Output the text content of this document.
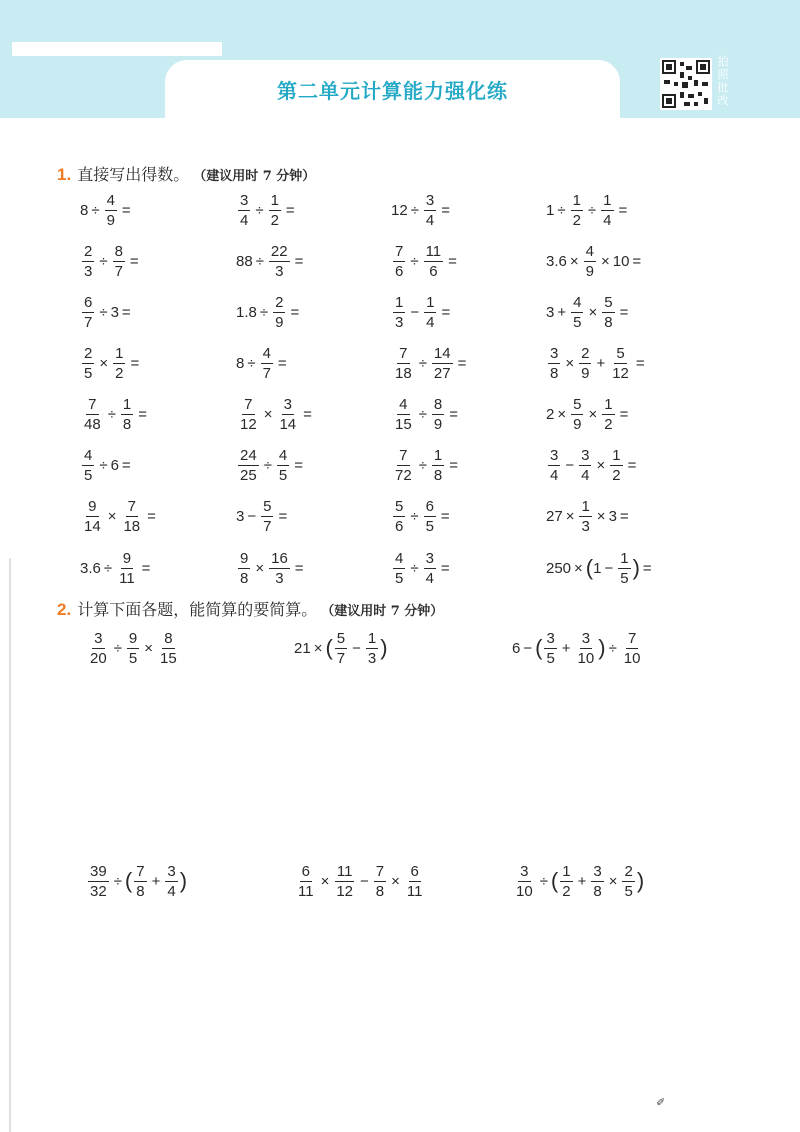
第二单元计算能力强化练
拍照批改
1. 直接写出得数。 （建议用时 7 分钟）
2. 计算下面各题，能简算的要简算。 （建议用时 7 分钟）
$8 \div \frac{4}{9}$ =	$\frac{3}{4} \div \frac{1}{2}$ =	$12 \div \frac{3}{4}$ =	$1 \div \frac{1}{2} \div \frac{1}{4}$ =
$\frac{2}{3} \div \frac{8}{7}$ =	$88 \div \frac{22}{3}$ =	$\frac{7}{6} \div \frac{11}{6}$ =	$3.6 \times \frac{4}{9} \times 10$ =
$\frac{6}{7} \div 3$ =	$1.8 \div \frac{2}{9}$ =	$\frac{1}{3} - \frac{1}{4}$ =	$3 + \frac{4}{5} \times \frac{5}{8}$ =
$\frac{2}{5} \times \frac{1}{2}$ =	$8 \div \frac{4}{7}$ =	$\frac{7}{18} \div \frac{14}{27}$ =	$\frac{3}{8} \times \frac{2}{9} + \frac{5}{12}$ =
$\frac{7}{48} \div \frac{1}{8}$ =	$\frac{7}{12} \times \frac{3}{14}$ =	$\frac{4}{15} \div \frac{8}{9}$ =	$2 \times \frac{5}{9} \times \frac{1}{2}$ =
$\frac{4}{5} \div 6$ =	$\frac{24}{25} \div \frac{4}{5}$ =	$\frac{7}{72} \div \frac{1}{8}$ =	$\frac{3}{4} - \frac{3}{4} \times \frac{1}{2}$ =
$\frac{9}{14} \times \frac{7}{18}$ =	$3 - \frac{5}{7}$ =	$\frac{5}{6} \div \frac{6}{5}$ =	$27 \times \frac{1}{3} \times 3$ =
$3.6 \div \frac{9}{11}$ =	$\frac{9}{8} \times \frac{16}{3}$ =	$\frac{4}{5} \div \frac{3}{4}$ =	250 × ( $1 - \frac{1}{5}$ ) =
$\frac{3}{20} \div \frac{9}{5} \times \frac{8}{15}$	21 × ( $\frac{5}{7} - \frac{1}{3}$ )	6 − ( $\frac{3}{5} + \frac{3}{10}$ ) ÷ $\frac{7}{10}$
$\frac{39}{32}$ ÷ ( $\frac{7}{8} + \frac{3}{4}$ )	$\frac{6}{11} \times \frac{11}{12} - \frac{7}{8} \times \frac{6}{11}$	$\frac{3}{10}$ ÷ ( $\frac{1}{2} + \frac{3}{8} \times \frac{2}{5}$ )
✐
